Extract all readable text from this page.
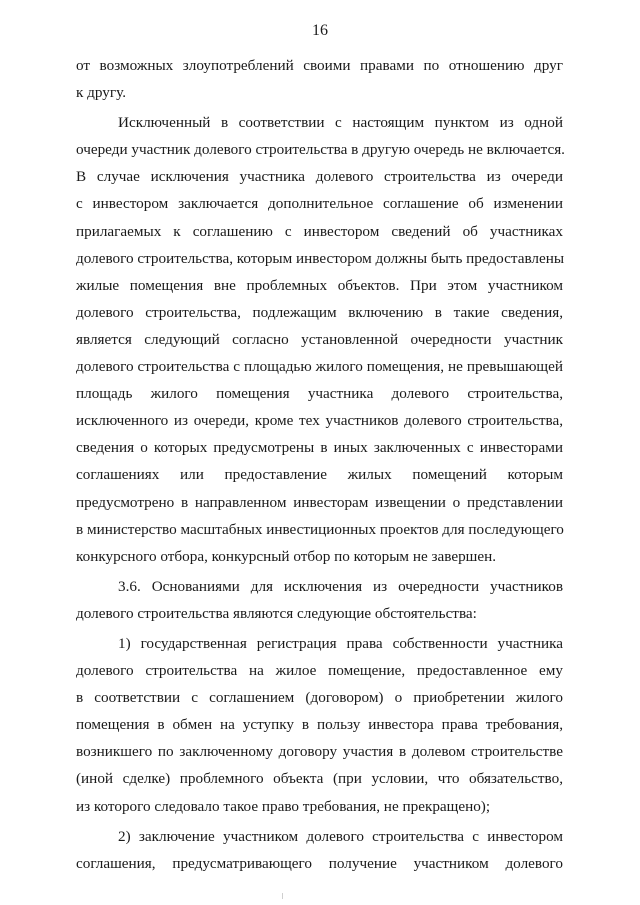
16
от возможных злоупотреблений своими правами по отношению друг
к другу.
Исключенный в соответствии с настоящим пунктом из одной
очереди участник долевого строительства в другую очередь не включается.
В случае исключения участника долевого строительства из очереди
с инвестором заключается дополнительное соглашение об изменении
прилагаемых к соглашению с инвестором сведений об участниках
долевого строительства, которым инвестором должны быть предоставлены
жилые помещения вне проблемных объектов. При этом участником
долевого строительства, подлежащим включению в такие сведения,
является следующий согласно установленной очередности участник
долевого строительства с площадью жилого помещения, не превышающей
площадь жилого помещения участника долевого строительства,
исключенного из очереди, кроме тех участников долевого строительства,
сведения о которых предусмотрены в иных заключенных с инвесторами
соглашениях или предоставление жилых помещений которым
предусмотрено в направленном инвесторам извещении о представлении
в министерство масштабных инвестиционных проектов для последующего
конкурсного отбора, конкурсный отбор по которым не завершен.
3.6. Основаниями для исключения из очередности участников
долевого строительства являются следующие обстоятельства:
1) государственная регистрация права собственности участника
долевого строительства на жилое помещение, предоставленное ему
в соответствии с соглашением (договором) о приобретении жилого
помещения в обмен на уступку в пользу инвестора права требования,
возникшего по заключенному договору участия в долевом строительстве
(иной сделке) проблемного объекта (при условии, что обязательство,
из которого следовало такое право требования, не прекращено);
2) заключение участником долевого строительства с инвестором
соглашения, предусматривающего получение участником долевого
